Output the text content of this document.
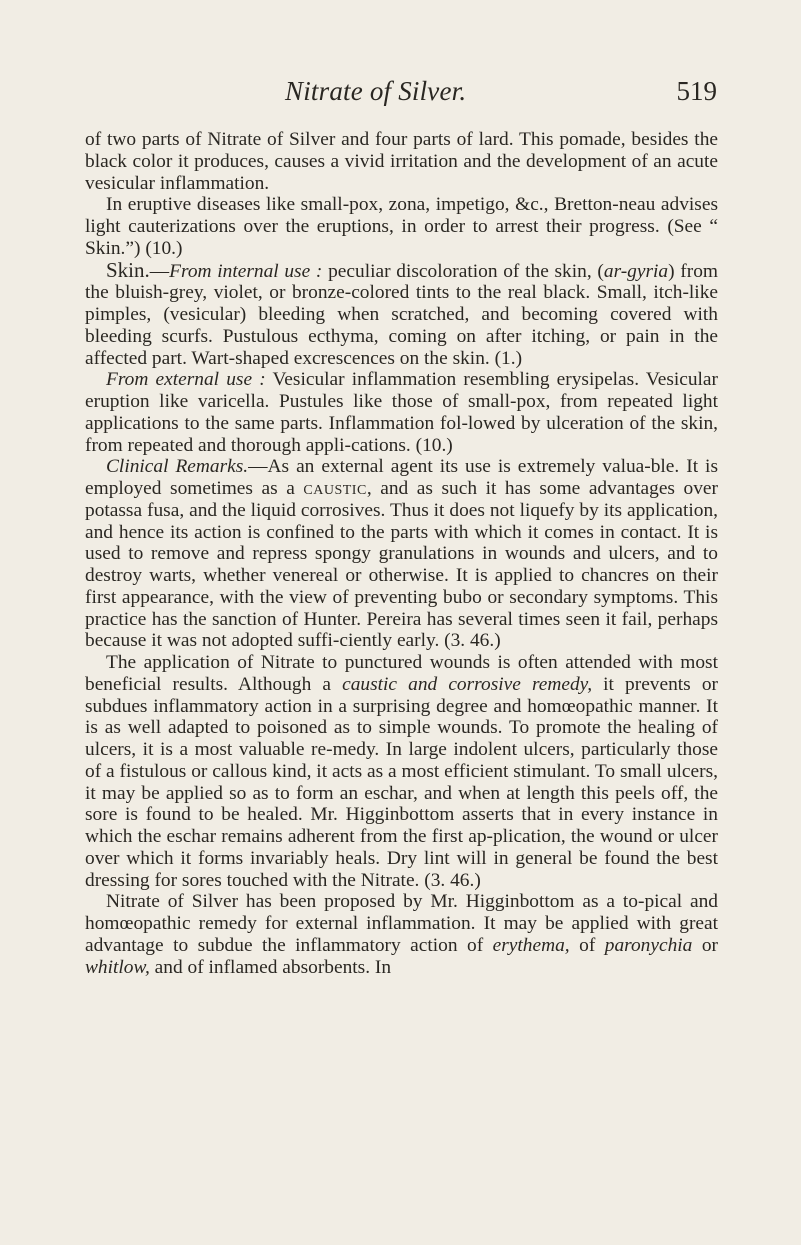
Nitrate of Silver.	519

of two parts of Nitrate of Silver and four parts of lard. This pomade, besides the black color it produces, causes a vivid irritation and the development of an acute vesicular inflammation.

In eruptive diseases like small-pox, zona, impetigo, &c., Bretton-neau advises light cauterizations over the eruptions, in order to arrest their progress. (See “ Skin.”) (10.)

Skin.—From internal use : peculiar discoloration of the skin, (ar-gyria) from the bluish-grey, violet, or bronze-colored tints to the real black. Small, itch-like pimples, (vesicular) bleeding when scratched, and becoming covered with bleeding scurfs. Pustulous ecthyma, coming on after itching, or pain in the affected part. Wart-shaped excrescences on the skin. (1.)

From external use : Vesicular inflammation resembling erysipelas. Vesicular eruption like varicella. Pustules like those of small-pox, from repeated light applications to the same parts. Inflammation fol-lowed by ulceration of the skin, from repeated and thorough appli-cations. (10.)

Clinical Remarks.—As an external agent its use is extremely valua-ble. It is employed sometimes as a caustic, and as such it has some advantages over potassa fusa, and the liquid corrosives. Thus it does not liquefy by its application, and hence its action is confined to the parts with which it comes in contact. It is used to remove and repress spongy granulations in wounds and ulcers, and to destroy warts, whether venereal or otherwise. It is applied to chancres on their first appearance, with the view of preventing bubo or secondary symptoms. This practice has the sanction of Hunter. Pereira has several times seen it fail, perhaps because it was not adopted suffi-ciently early. (3. 46.)

The application of Nitrate to punctured wounds is often attended with most beneficial results. Although a caustic and corrosive remedy, it prevents or subdues inflammatory action in a surprising degree and homœopathic manner. It is as well adapted to poisoned as to simple wounds. To promote the healing of ulcers, it is a most valuable re-medy. In large indolent ulcers, particularly those of a fistulous or callous kind, it acts as a most efficient stimulant. To small ulcers, it may be applied so as to form an eschar, and when at length this peels off, the sore is found to be healed. Mr. Higginbottom asserts that in every instance in which the eschar remains adherent from the first ap-plication, the wound or ulcer over which it forms invariably heals. Dry lint will in general be found the best dressing for sores touched with the Nitrate. (3. 46.)

Nitrate of Silver has been proposed by Mr. Higginbottom as a to-pical and homœopathic remedy for external inflammation. It may be applied with great advantage to subdue the inflammatory action of erythema, of paronychia or whitlow, and of inflamed absorbents. In
